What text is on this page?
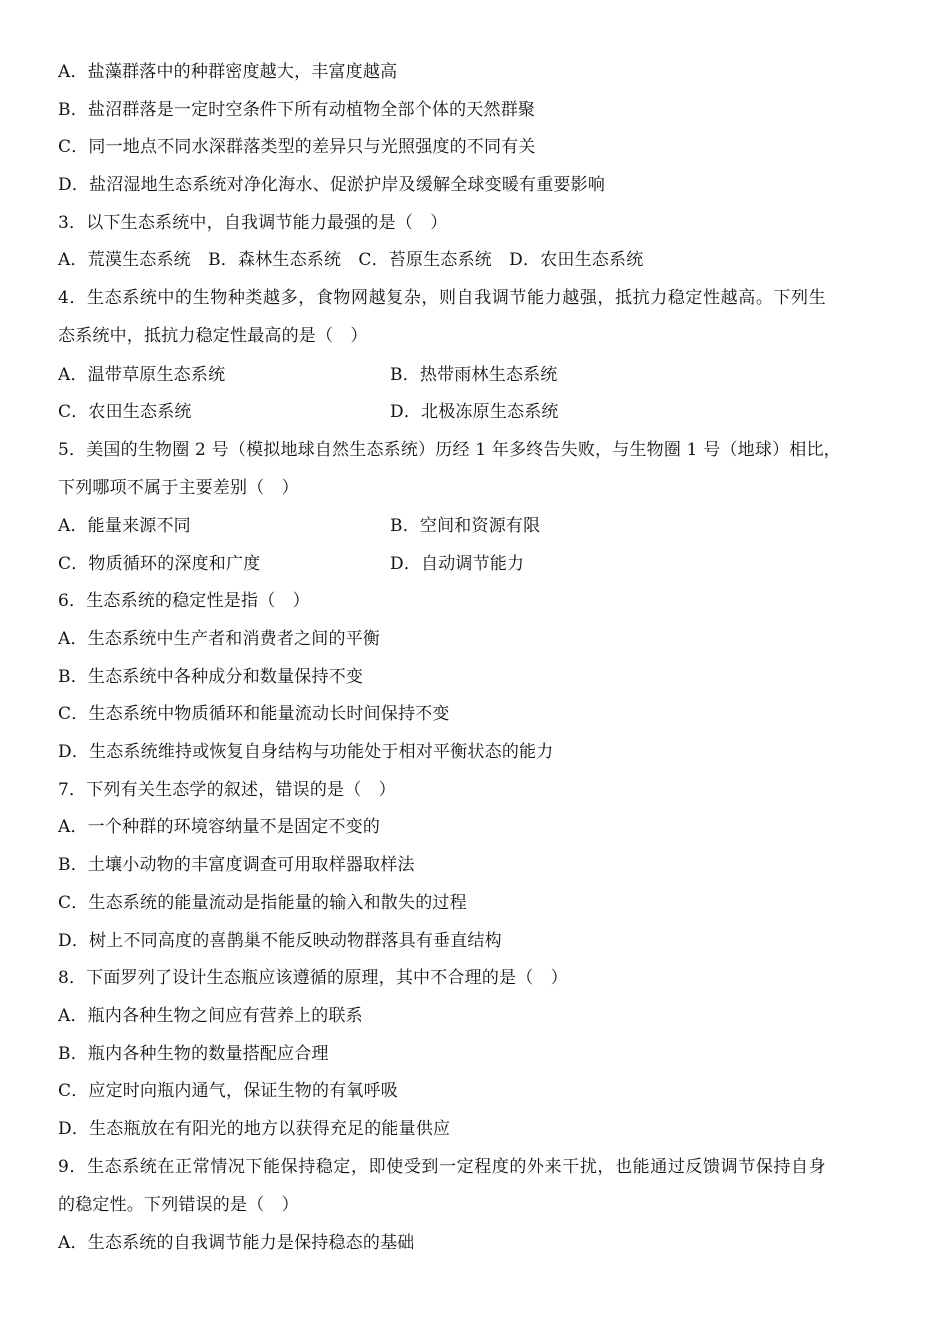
A．盐藻群落中的种群密度越大，丰富度越高
B．盐沼群落是一定时空条件下所有动植物全部个体的天然群聚
C．同一地点不同水深群落类型的差异只与光照强度的不同有关
D．盐沼湿地生态系统对净化海水、促淤护岸及缓解全球变暖有重要影响
3．以下生态系统中，自我调节能力最强的是（　）
A．荒漠生态系统　B．森林生态系统　C．苔原生态系统　D．农田生态系统
4．生态系统中的生物种类越多，食物网越复杂，则自我调节能力越强，抵抗力稳定性越高。下列生
态系统中，抵抗力稳定性最高的是（　）
A．温带草原生态系统	B．热带雨林生态系统
C．农田生态系统	D．北极冻原生态系统
5．美国的生物圈 2 号（模拟地球自然生态系统）历经 1 年多终告失败，与生物圈 1 号（地球）相比，
下列哪项不属于主要差别（　）
A．能量来源不同	B．空间和资源有限
C．物质循环的深度和广度	D．自动调节能力
6．生态系统的稳定性是指（　）
A．生态系统中生产者和消费者之间的平衡
B．生态系统中各种成分和数量保持不变
C．生态系统中物质循环和能量流动长时间保持不变
D．生态系统维持或恢复自身结构与功能处于相对平衡状态的能力
7．下列有关生态学的叙述，错误的是（　）
A．一个种群的环境容纳量不是固定不变的
B．土壤小动物的丰富度调查可用取样器取样法
C．生态系统的能量流动是指能量的输入和散失的过程
D．树上不同高度的喜鹊巢不能反映动物群落具有垂直结构
8．下面罗列了设计生态瓶应该遵循的原理，其中不合理的是（　）
A．瓶内各种生物之间应有营养上的联系
B．瓶内各种生物的数量搭配应合理
C．应定时向瓶内通气，保证生物的有氧呼吸
D．生态瓶放在有阳光的地方以获得充足的能量供应
9．生态系统在正常情况下能保持稳定，即使受到一定程度的外来干扰，也能通过反馈调节保持自身
的稳定性。下列错误的是（　）
A．生态系统的自我调节能力是保持稳态的基础
